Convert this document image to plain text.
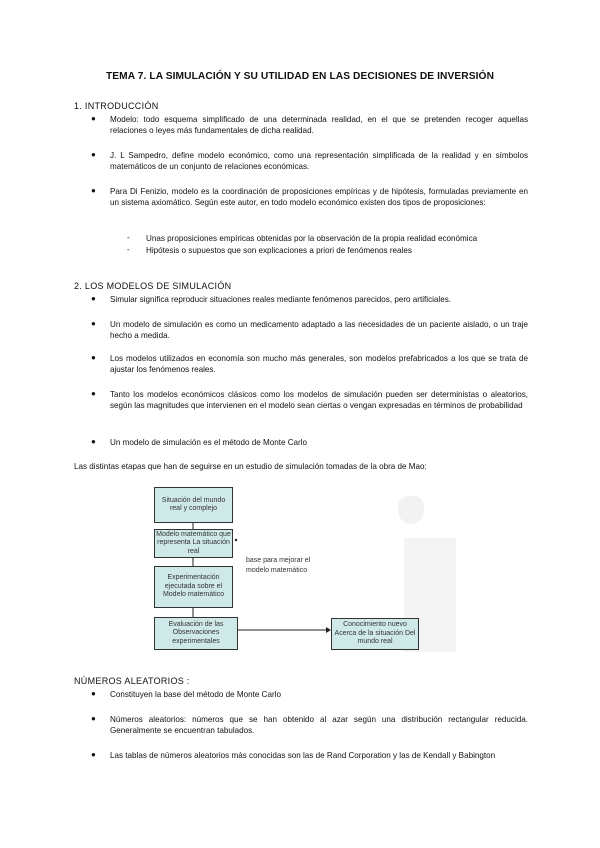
TEMA 7. LA SIMULACIÓN Y SU UTILIDAD EN LAS DECISIONES DE INVERSIÓN
1. INTRODUCCIÓN
●	Modelo: todo esquema simplificado de una determinada realidad, en el que se pretenden recoger aquellas relaciones o leyes más fundamentales de dicha realidad.
●	J. L Sampedro, define modelo económico, como una representación simplificada de la realidad y en símbolos matemáticos de un conjunto de relaciones económicas.
●	Para Di Fenizio, modelo es la coordinación de proposiciones empíricas y de hipótesis, formuladas previamente en un sistema axiomático. Según este autor, en todo modelo económico existen dos tipos de proposiciones:
- Unas proposiciones empíricas obtenidas por la observación de la propia realidad económica
- Hipótesis o supuestos que son explicaciones a priori de fenómenos reales
2. LOS MODELOS DE SIMULACIÓN
●	Simular significa reproducir situaciones reales mediante fenómenos parecidos, pero artificiales.
●	Un modelo de simulación es como un medicamento adaptado a las necesidades de un paciente aislado, o un traje hecho a medida.
●	Los modelos utilizados en economía son mucho más generales, son modelos prefabricados a los que se trata de ajustar los fenómenos reales.
●	Tanto los modelos económicos clásicos como los modelos de simulación pueden ser deterministas o aleatorios, según las magnitudes que intervienen en el modelo sean ciertas o vengan expresadas en términos de probabilidad
●	Un modelo de simulación es el método de Monte Carlo
Las distintas etapas que han de seguirse en un estudio de simulación tomadas de la obra de Mao:
Situación del mundo real y complejo
Modelo matemático que representa La situación real
Experimentación ejecutada sobre el Modelo matemático
Evaluación de las Observaciones experimentales
Conocimiento nuevo Acerca de la situación Del mundo real
base para mejorar el modelo matemático
NÚMEROS ALEATORIOS :
●	Constituyen la base del método de Monte Carlo
●	Números aleatorios: números que se han obtenido al azar según una distribución rectangular reducida. Generalmente se encuentran tabulados.
●	Las tablas de números aleatorios más conocidas son las de Rand Corporation y las de Kendall y Babington
